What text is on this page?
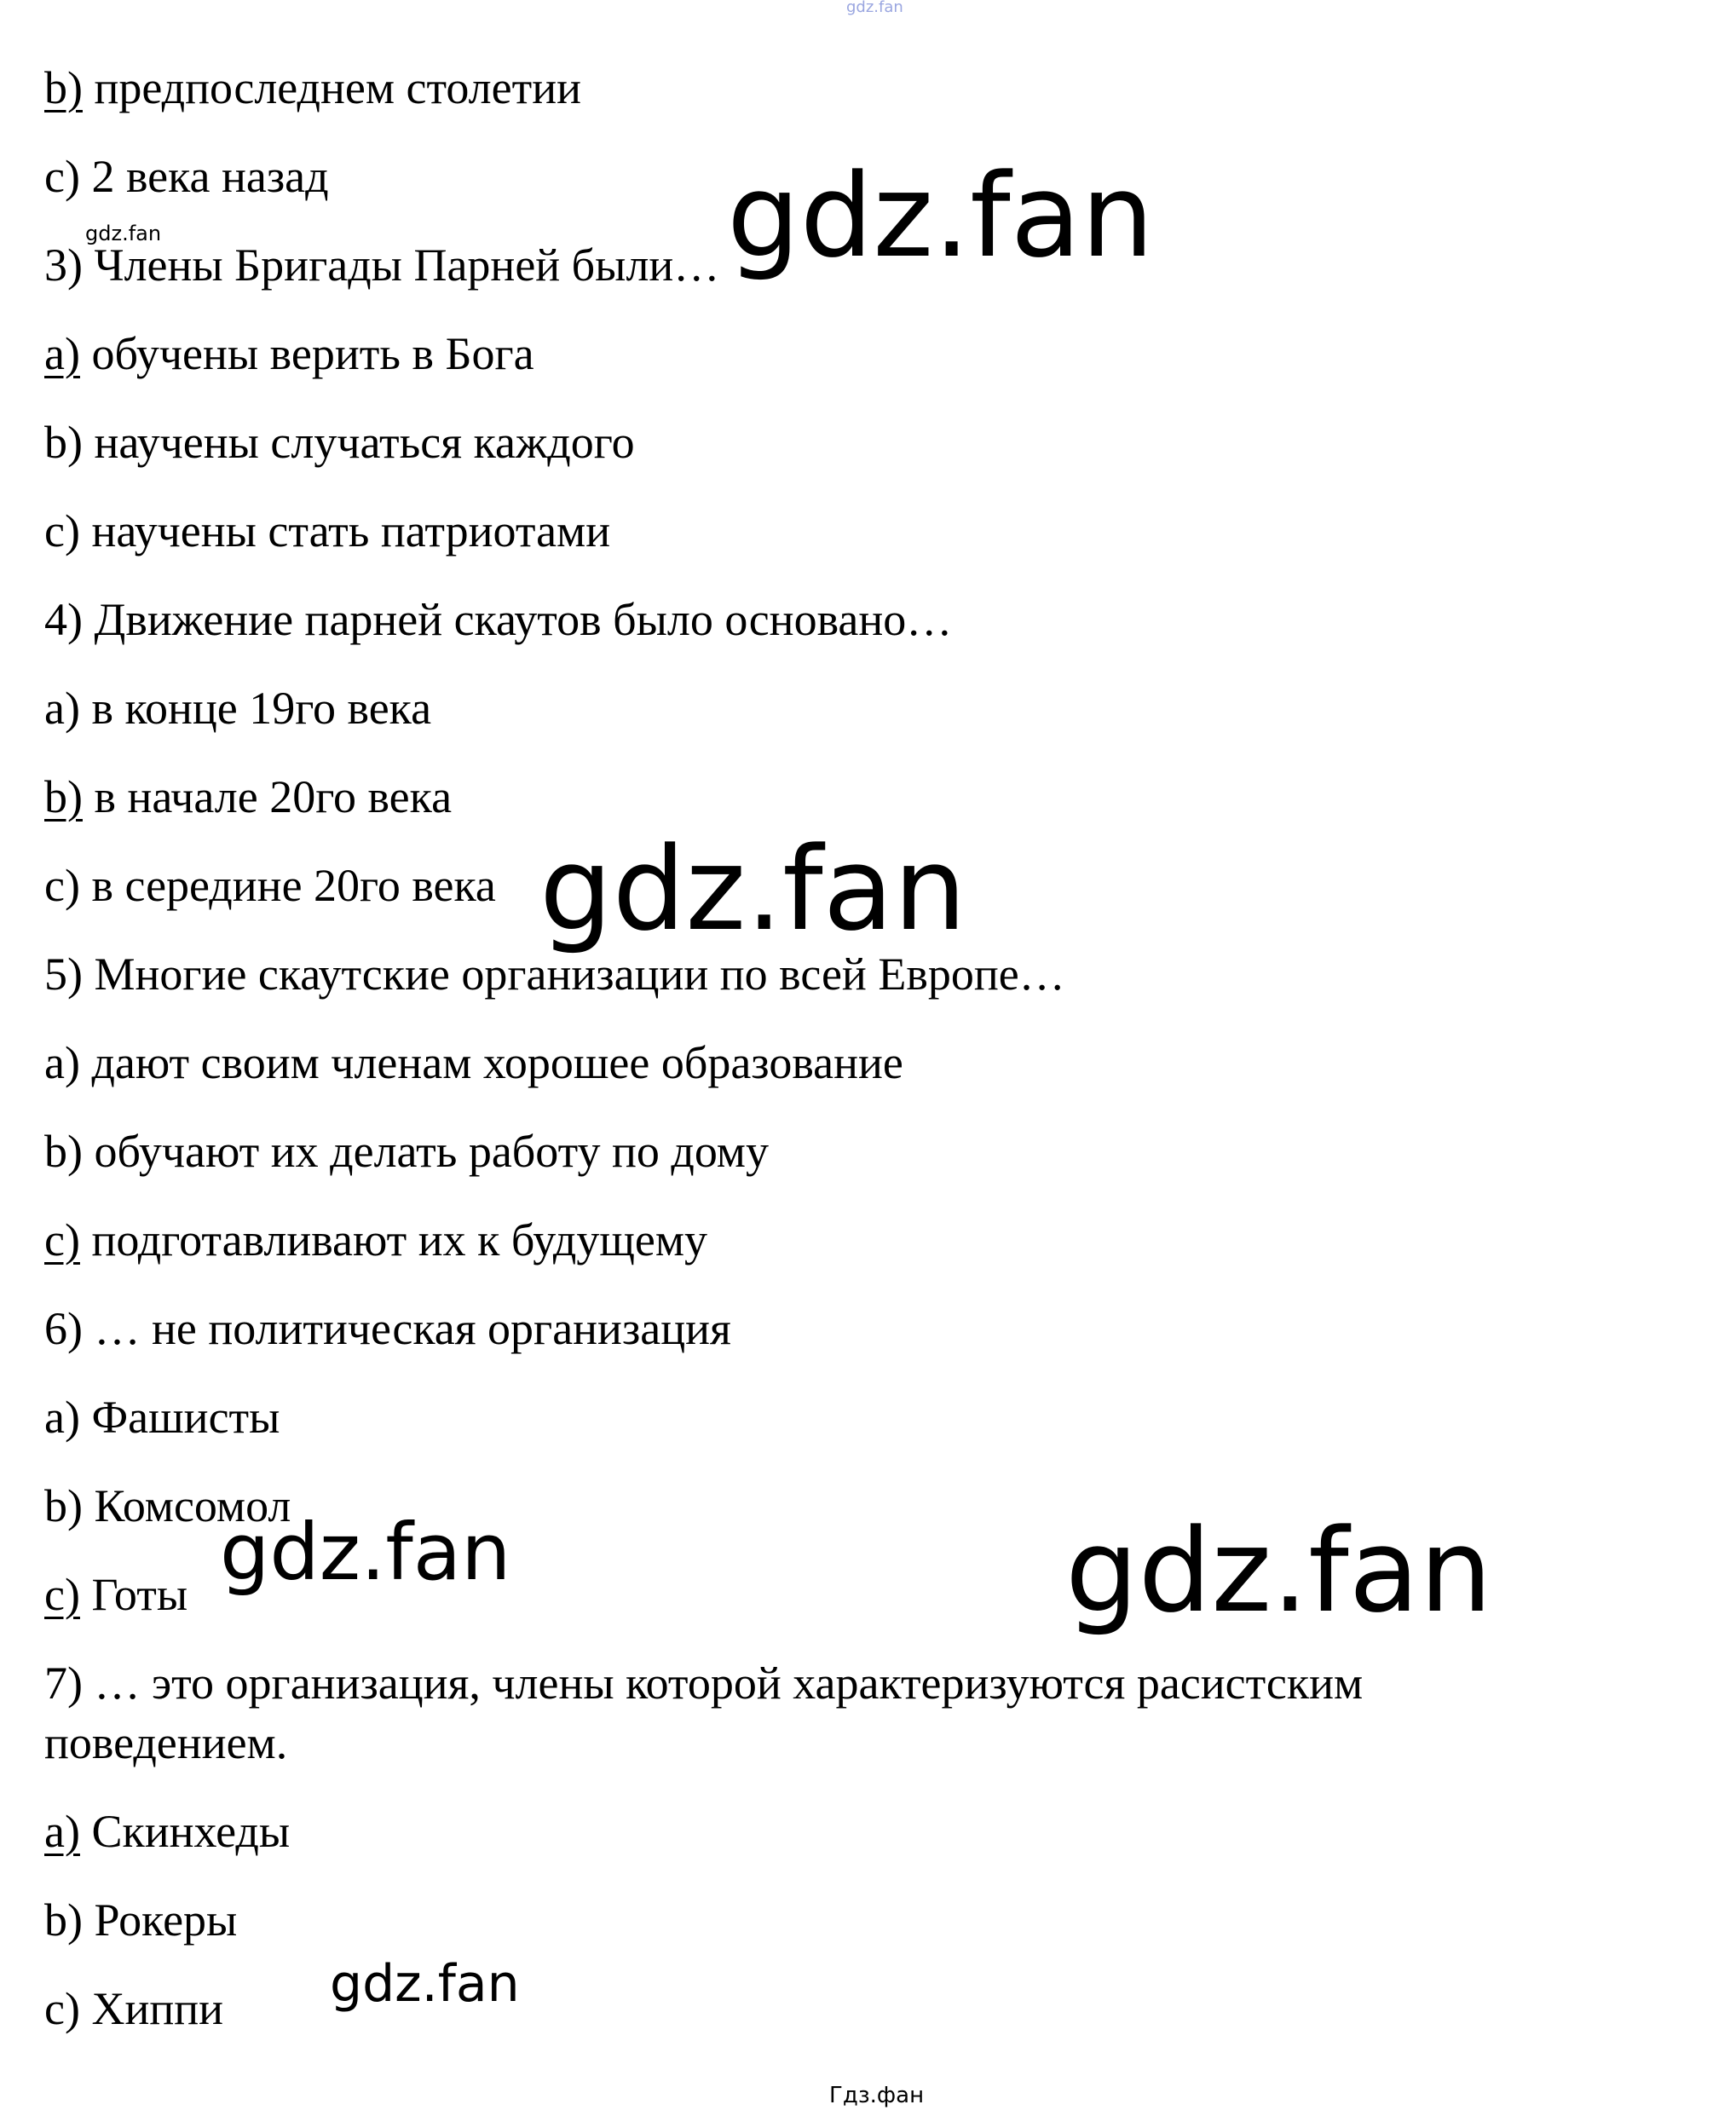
gdz.fan
b) предпоследнем столетии
c) 2 века назад
3) Члены Бригады Парней были…
a) обучены верить в Бога
b) научены случаться каждого
c) научены стать патриотами
4) Движение парней скаутов было основано…
a) в конце 19го века
b) в начале 20го века
c) в середине 20го века
5) Многие скаутские организации по всей Европе…
a) дают своим членам хорошее образование
b) обучают их делать работу по дому
c) подготавливают их к будущему
6) … не политическая организация
a) Фашисты
b) Комсомол
c) Готы
7) … это организация, члены которой характеризуются расистским
поведением.
a) Скинхеды
b) Рокеры
c) Хиппи
gdz.fan
gdz.fan
gdz.fan
gdz.fan	gdz.fan
gdz.fan
Гдз.фан
